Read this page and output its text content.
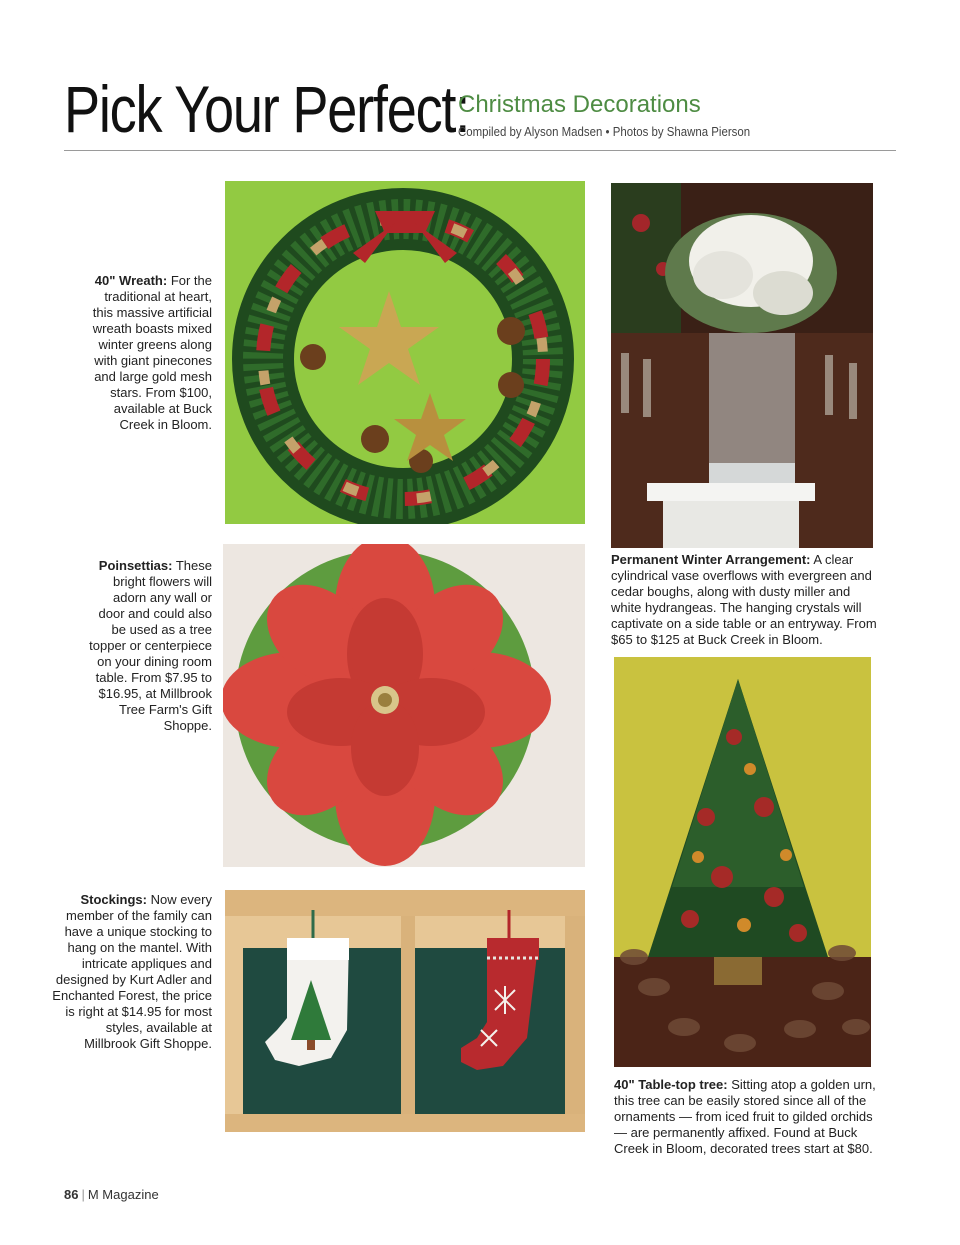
Pick Your Perfect:
Christmas Decorations
Compiled by Alyson Madsen • Photos by Shawna Pierson

40" Wreath: For the traditional at heart, this massive artificial wreath boasts mixed winter greens along with giant pinecones and large gold mesh stars. From $100, available at Buck Creek in Bloom.

Poinsettias: These bright flowers will adorn any wall or door and could also be used as a tree topper or centerpiece on your dining room table. From $7.95 to $16.95, at Millbrook Tree Farm's Gift Shoppe.

Permanent Winter Arrangement: A clear cylindrical vase overflows with evergreen and cedar boughs, along with dusty miller and white hydrangeas. The hanging crystals will captivate on a side table or an entryway. From $65 to $125 at Buck Creek in Bloom.

Stockings: Now every member of the family can have a unique stocking to hang on the mantel. With intricate appliques and designed by Kurt Adler and Enchanted Forest, the price is right at $14.95 for most styles, available at Millbrook Gift Shoppe.

40" Table-top tree: Sitting atop a golden urn, this tree can be easily stored since all of the ornaments — from iced fruit to gilded orchids — are permanently affixed. Found at Buck Creek in Bloom, decorated trees start at $80.

86 | M Magazine
